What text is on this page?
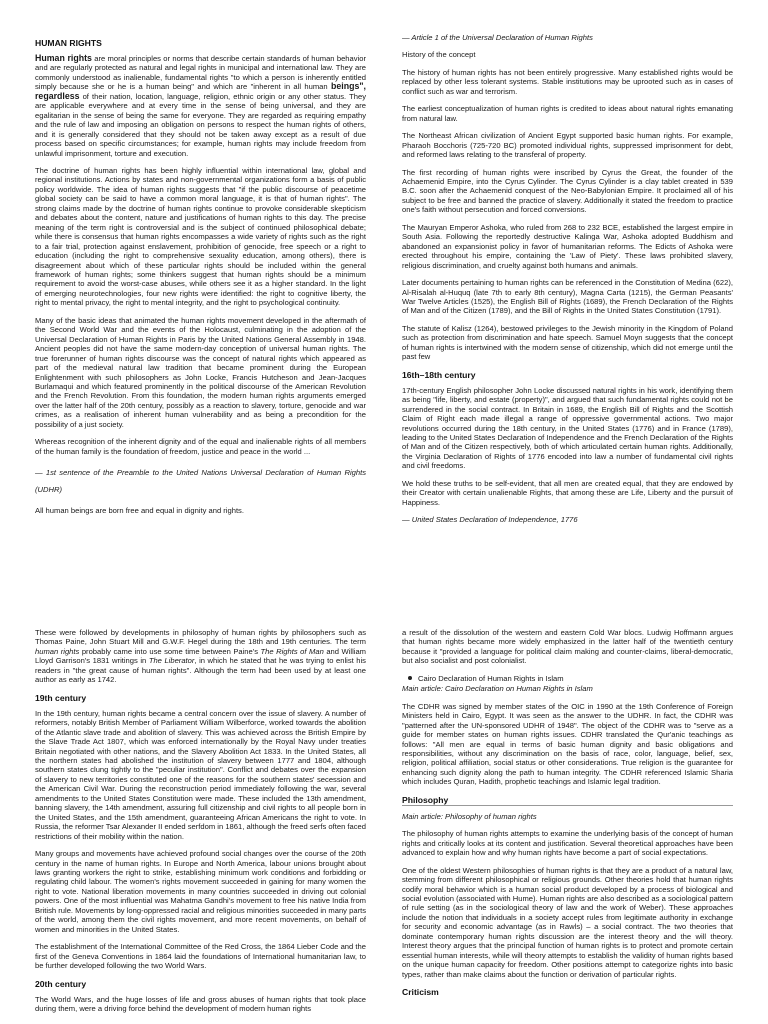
HUMAN RIGHTS

Human rights are moral principles or norms that describe certain standards of human behavior and are regularly protected as natural and legal rights in municipal and international law. They are commonly understood as inalienable, fundamental rights "to which a person is inherently entitled simply because she or he is a human being" and which are "inherent in all human beings", regardless of their nation, location, language, religion, ethnic origin or any other status. They are applicable everywhere and at every time in the sense of being universal, and they are egalitarian in the sense of being the same for everyone. They are regarded as requiring empathy and the rule of law and imposing an obligation on persons to respect the human rights of others, and it is generally considered that they should not be taken away except as a result of due process based on specific circumstances; for example, human rights may include freedom from unlawful imprisonment, torture and execution.

The doctrine of human rights has been highly influential within international law, global and regional institutions. Actions by states and non-governmental organizations form a basis of public policy worldwide. The idea of human rights suggests that "if the public discourse of peacetime global society can be said to have a common moral language, it is that of human rights". The strong claims made by the doctrine of human rights continue to provoke considerable skepticism and debates about the content, nature and justifications of human rights to this day. The precise meaning of the term right is controversial and is the subject of continued philosophical debate; while there is consensus that human rights encompasses a wide variety of rights such as the right to a fair trial, protection against enslavement, prohibition of genocide, free speech or a right to education (including the right to comprehensive sexuality education, among others), there is disagreement about which of these particular rights should be included within the general framework of human rights; some thinkers suggest that human rights should be a minimum requirement to avoid the worst-case abuses, while others see it as a higher standard. In the light of emerging neurotechnologies, four new rights were identified: the right to cognitive liberty, the right to mental privacy, the right to mental integrity, and the right to psychological continuity.

Many of the basic ideas that animated the human rights movement developed in the aftermath of the Second World War and the events of the Holocaust, culminating in the adoption of the Universal Declaration of Human Rights in Paris by the United Nations General Assembly in 1948. Ancient peoples did not have the same modern-day conception of universal human rights. The true forerunner of human rights discourse was the concept of natural rights which appeared as part of the medieval natural law tradition that became prominent during the European Enlightenment with such philosophers as John Locke, Francis Hutcheson and Jean-Jacques Burlamaqui and which featured prominently in the political discourse of the American Revolution and the French Revolution. From this foundation, the modern human rights arguments emerged over the latter half of the 20th century, possibly as a reaction to slavery, torture, genocide and war crimes, as a realisation of inherent human vulnerability and as being a precondition for the possibility of a just society.

Whereas recognition of the inherent dignity and of the equal and inalienable rights of all members of the human family is the foundation of freedom, justice and peace in the world ...

— 1st sentence of the Preamble to the United Nations Universal Declaration of Human Rights (UDHR)

All human beings are born free and equal in dignity and rights.

— Article 1 of the Universal Declaration of Human Rights

History of the concept

The history of human rights has not been entirely progressive. Many established rights would be replaced by other less tolerant systems. Stable institutions may be uprooted such as in cases of conflict such as war and terrorism.

The earliest conceptualization of human rights is credited to ideas about natural rights emanating from natural law.

The Northeast African civilization of Ancient Egypt supported basic human rights. For example, Pharaoh Bocchoris (725-720 BC) promoted individual rights, suppressed imprisonment for debt, and reformed laws relating to the transferal of property.

The first recording of human rights were inscribed by Cyrus the Great, the founder of the Achaemenid Empire, into the Cyrus Cylinder. The Cyrus Cylinder is a clay tablet created in 539 B.C. soon after the Achaemenid conquest of the Neo-Babylonian Empire. It proclaimed all of his subject to be free and banned the practice of slavery. Additionally it stated the freedom to practice one's faith without persecution and forced conversions.

The Mauryan Emperor Ashoka, who ruled from 268 to 232 BCE, established the largest empire in South Asia. Following the reportedly destructive Kalinga War, Ashoka adopted Buddhism and abandoned an expansionist policy in favor of humanitarian reforms. The Edicts of Ashoka were erected throughout his empire, containing the 'Law of Piety'. These laws prohibited slavery, religious discrimination, and cruelty against both humans and animals.

Later documents pertaining to human rights can be referenced in the Constitution of Medina (622), Al-Risalah al-Huquq (late 7th to early 8th century), Magna Carta (1215), the German Peasants' War Twelve Articles (1525), the English Bill of Rights (1689), the French Declaration of the Rights of Man and of the Citizen (1789), and the Bill of Rights in the United States Constitution (1791).

The statute of Kalisz (1264), bestowed privileges to the Jewish minority in the Kingdom of Poland such as protection from discrimination and hate speech. Samuel Moyn suggests that the concept of human rights is intertwined with the modern sense of citizenship, which did not emerge until the past few

16th–18th century

17th-century English philosopher John Locke discussed natural rights in his work, identifying them as being "life, liberty, and estate (property)", and argued that such fundamental rights could not be surrendered in the social contract. In Britain in 1689, the English Bill of Rights and the Scottish Claim of Right each made illegal a range of oppressive governmental actions. Two major revolutions occurred during the 18th century, in the United States (1776) and in France (1789), leading to the United States Declaration of Independence and the French Declaration of the Rights of Man and of the Citizen respectively, both of which articulated certain human rights. Additionally, the Virginia Declaration of Rights of 1776 encoded into law a number of fundamental civil rights and civil freedoms.

We hold these truths to be self-evident, that all men are created equal, that they are endowed by their Creator with certain unalienable Rights, that among these are Life, Liberty and the pursuit of Happiness.

— United States Declaration of Independence, 1776

These were followed by developments in philosophy of human rights by philosophers such as Thomas Paine, John Stuart Mill and G.W.F. Hegel during the 18th and 19th centuries. The term human rights probably came into use some time between Paine's The Rights of Man and William Lloyd Garrison's 1831 writings in The Liberator, in which he stated that he was trying to enlist his readers in "the great cause of human rights". Although the term had been used by at least one author as early as 1742.

19th century

In the 19th century, human rights became a central concern over the issue of slavery. A number of reformers, notably British Member of Parliament William Wilberforce, worked towards the abolition of the Atlantic slave trade and abolition of slavery. This was achieved across the British Empire by the Slave Trade Act 1807, which was enforced internationally by the Royal Navy under treaties Britain negotiated with other nations, and the Slavery Abolition Act 1833. In the United States, all the northern states had abolished the institution of slavery between 1777 and 1804, although southern states clung tightly to the "peculiar institution". Conflict and debates over the expansion of slavery to new territories constituted one of the reasons for the southern states' secession and the American Civil War. During the reconstruction period immediately following the war, several amendments to the United States Constitution were made. These included the 13th amendment, banning slavery, the 14th amendment, assuring full citizenship and civil rights to all people born in the United States, and the 15th amendment, guaranteeing African Americans the right to vote. In Russia, the reformer Tsar Alexander II ended serfdom in 1861, although the freed serfs often faced restrictions of their mobility within the nation.

Many groups and movements have achieved profound social changes over the course of the 20th century in the name of human rights. In Europe and North America, labour unions brought about laws granting workers the right to strike, establishing minimum work conditions and forbidding or regulating child labour. The women's rights movement succeeded in gaining for many women the right to vote. National liberation movements in many countries succeeded in driving out colonial powers. One of the most influential was Mahatma Gandhi's movement to free his native India from British rule. Movements by long-oppressed racial and religious minorities succeeded in many parts of the world, among them the civil rights movement, and more recent movements, on behalf of women and minorities in the United States.

The establishment of the International Committee of the Red Cross, the 1864 Lieber Code and the first of the Geneva Conventions in 1864 laid the foundations of International humanitarian law, to be further developed following the two World Wars.

20th century

The World Wars, and the huge losses of life and gross abuses of human rights that took place during them, were a driving force behind the development of modern human rights

a result of the dissolution of the western and eastern Cold War blocs. Ludwig Hoffmann argues that human rights became more widely emphasized in the latter half of the twentieth century because it "provided a language for political claim making and counter-claims, liberal-democratic, but also socialist and post colonialist.

Cairo Declaration of Human Rights in Islam

Main article: Cairo Declaration on Human Rights in Islam

The CDHR was signed by member states of the OIC in 1990 at the 19th Conference of Foreign Ministers held in Cairo, Egypt. It was seen as the answer to the UDHR. In fact, the CDHR was "patterned after the UN-sponsored UDHR of 1948". The object of the CDHR was to "serve as a guide for member states on human rights issues. CDHR translated the Qur'anic teachings as follows: "All men are equal in terms of basic human dignity and basic obligations and responsibilities, without any discrimination on the basis of race, color, language, belief, sex, religion, political affiliation, social status or other considerations. True religion is the guarantee for enhancing such dignity along the path to human integrity. The CDHR referenced Islamic Sharia which includes Quran, Hadith, prophetic teachings and Islamic legal tradition.

Philosophy

Main article: Philosophy of human rights

The philosophy of human rights attempts to examine the underlying basis of the concept of human rights and critically looks at its content and justification. Several theoretical approaches have been advanced to explain how and why human rights have become a part of social expectations.

One of the oldest Western philosophies of human rights is that they are a product of a natural law, stemming from different philosophical or religious grounds. Other theories hold that human rights codify moral behavior which is a human social product developed by a process of biological and social evolution (associated with Hume). Human rights are also described as a sociological pattern of rule setting (as in the sociological theory of law and the work of Weber). These approaches include the notion that individuals in a society accept rules from legitimate authority in exchange for security and economic advantage (as in Rawls) – a social contract. The two theories that dominate contemporary human rights discussion are the interest theory and the will theory. Interest theory argues that the principal function of human rights is to protect and promote certain essential human interests, while will theory attempts to establish the validity of human rights based on the unique human capacity for freedom. Other positions attempt to categorize rights into basic types, rather than make claims about the function or derivation of particular rights.

Criticism
